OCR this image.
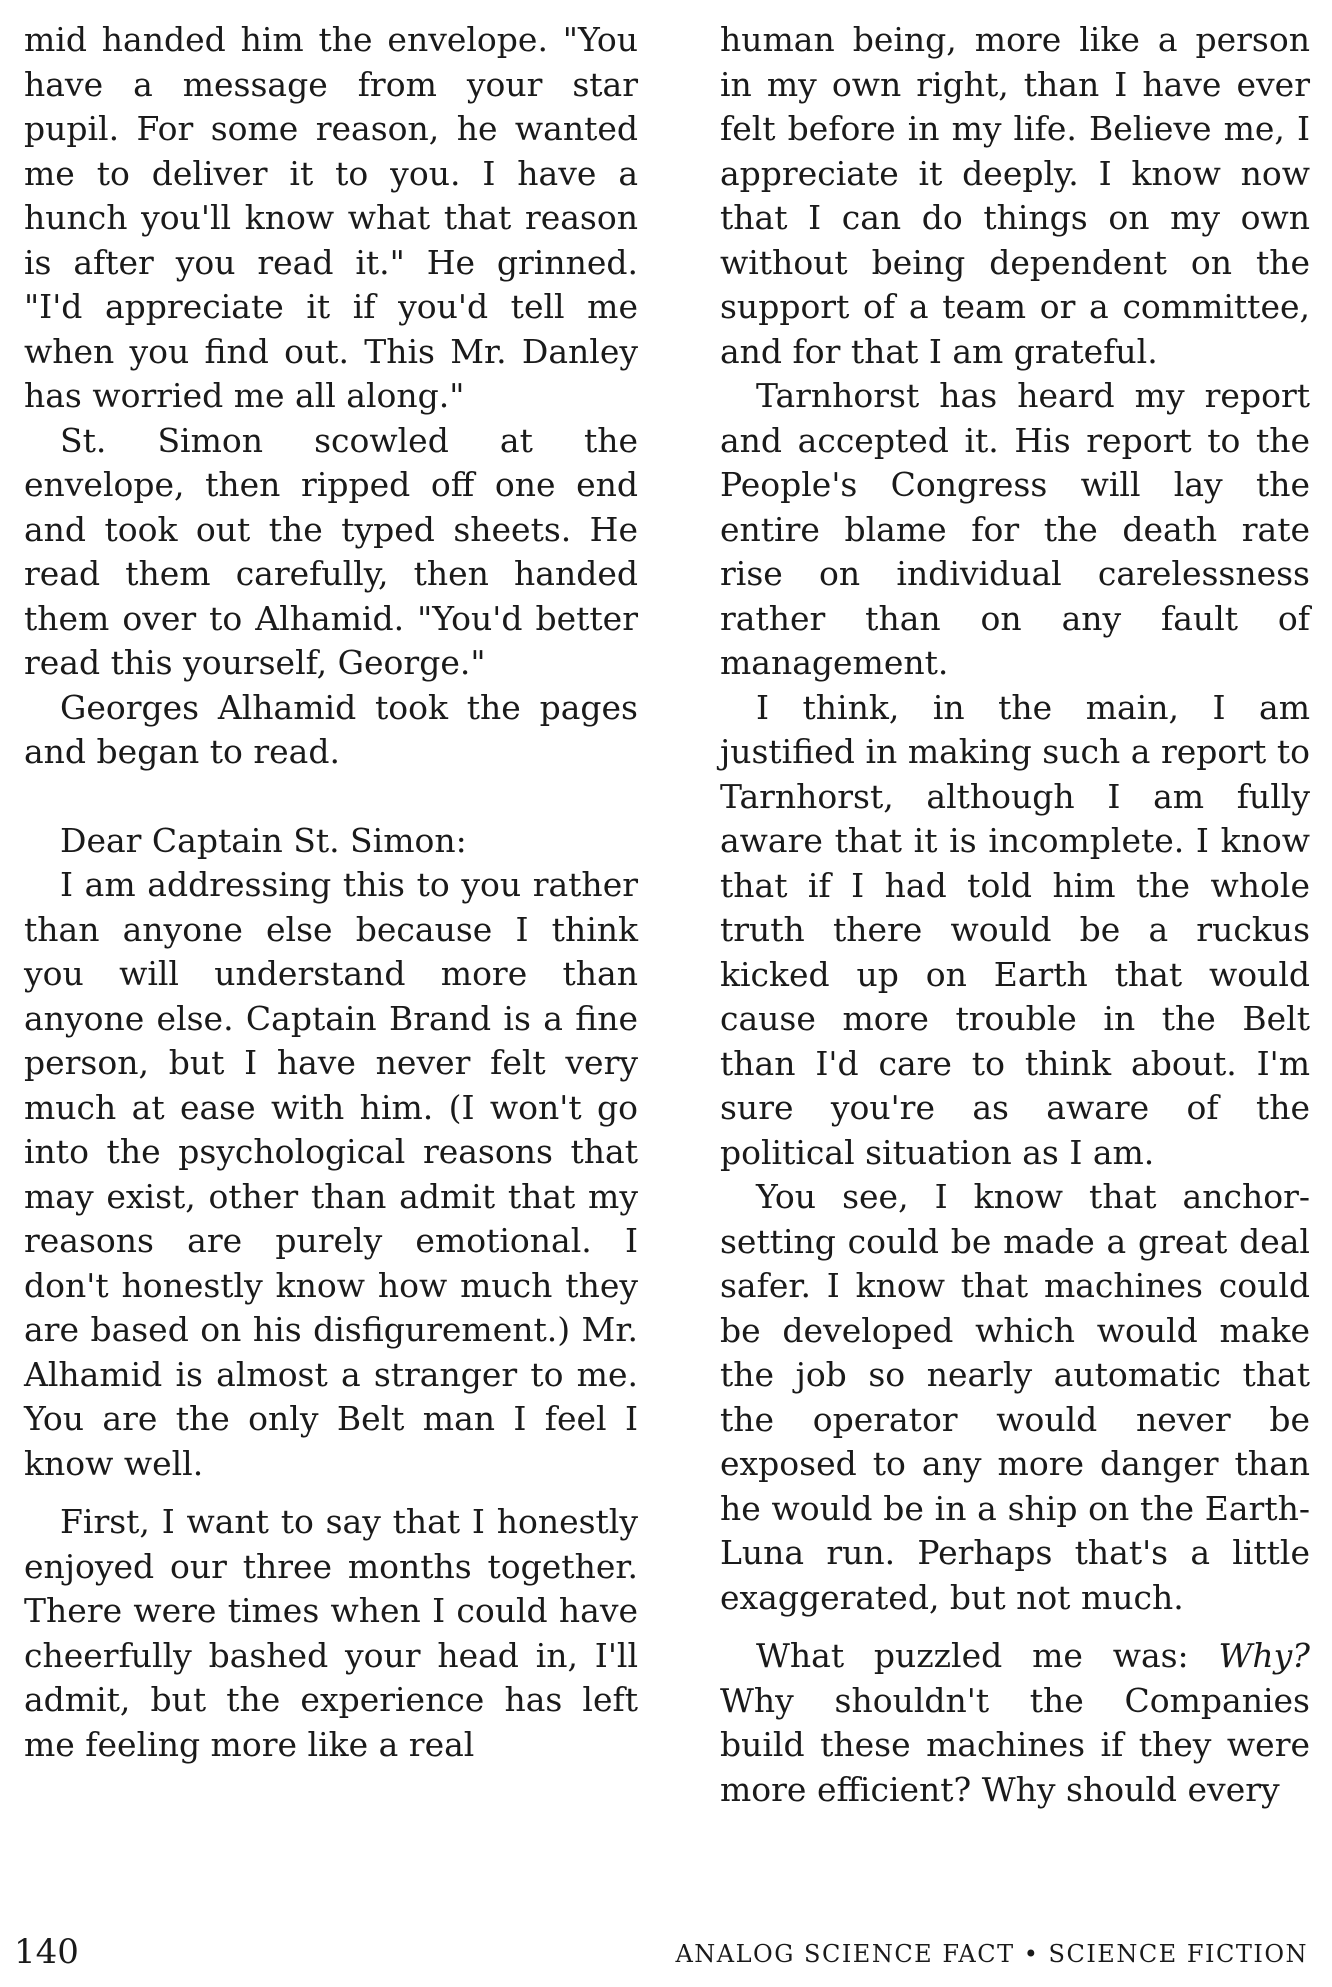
mid handed him the envelope. "You have a message from your star pupil. For some reason, he wanted me to deliver it to you. I have a hunch you'll know what that reason is after you read it." He grinned. "I'd appreciate it if you'd tell me when you find out. This Mr. Danley has worried me all along."

St. Simon scowled at the envelope, then ripped off one end and took out the typed sheets. He read them carefully, then handed them over to Alhamid. "You'd better read this yourself, George."

Georges Alhamid took the pages and began to read.

Dear Captain St. Simon:

I am addressing this to you rather than anyone else because I think you will understand more than anyone else. Captain Brand is a fine person, but I have never felt very much at ease with him. (I won't go into the psychological reasons that may exist, other than admit that my reasons are purely emotional. I don't honestly know how much they are based on his disfigurement.) Mr. Alhamid is almost a stranger to me. You are the only Belt man I feel I know well.

First, I want to say that I honestly enjoyed our three months together. There were times when I could have cheerfully bashed your head in, I'll admit, but the experience has left me feeling more like a real

human being, more like a person in my own right, than I have ever felt before in my life. Believe me, I appreciate it deeply. I know now that I can do things on my own without being dependent on the support of a team or a committee, and for that I am grateful.

Tarnhorst has heard my report and accepted it. His report to the People's Congress will lay the entire blame for the death rate rise on individual carelessness rather than on any fault of management.

I think, in the main, I am justified in making such a report to Tarnhorst, although I am fully aware that it is incomplete. I know that if I had told him the whole truth there would be a ruckus kicked up on Earth that would cause more trouble in the Belt than I'd care to think about. I'm sure you're as aware of the political situation as I am.

You see, I know that anchor-setting could be made a great deal safer. I know that machines could be developed which would make the job so nearly automatic that the operator would never be exposed to any more danger than he would be in a ship on the Earth-Luna run. Perhaps that's a little exaggerated, but not much.

What puzzled me was: Why? Why shouldn't the Companies build these machines if they were more efficient? Why should every

140	ANALOG SCIENCE FACT • SCIENCE FICTION
